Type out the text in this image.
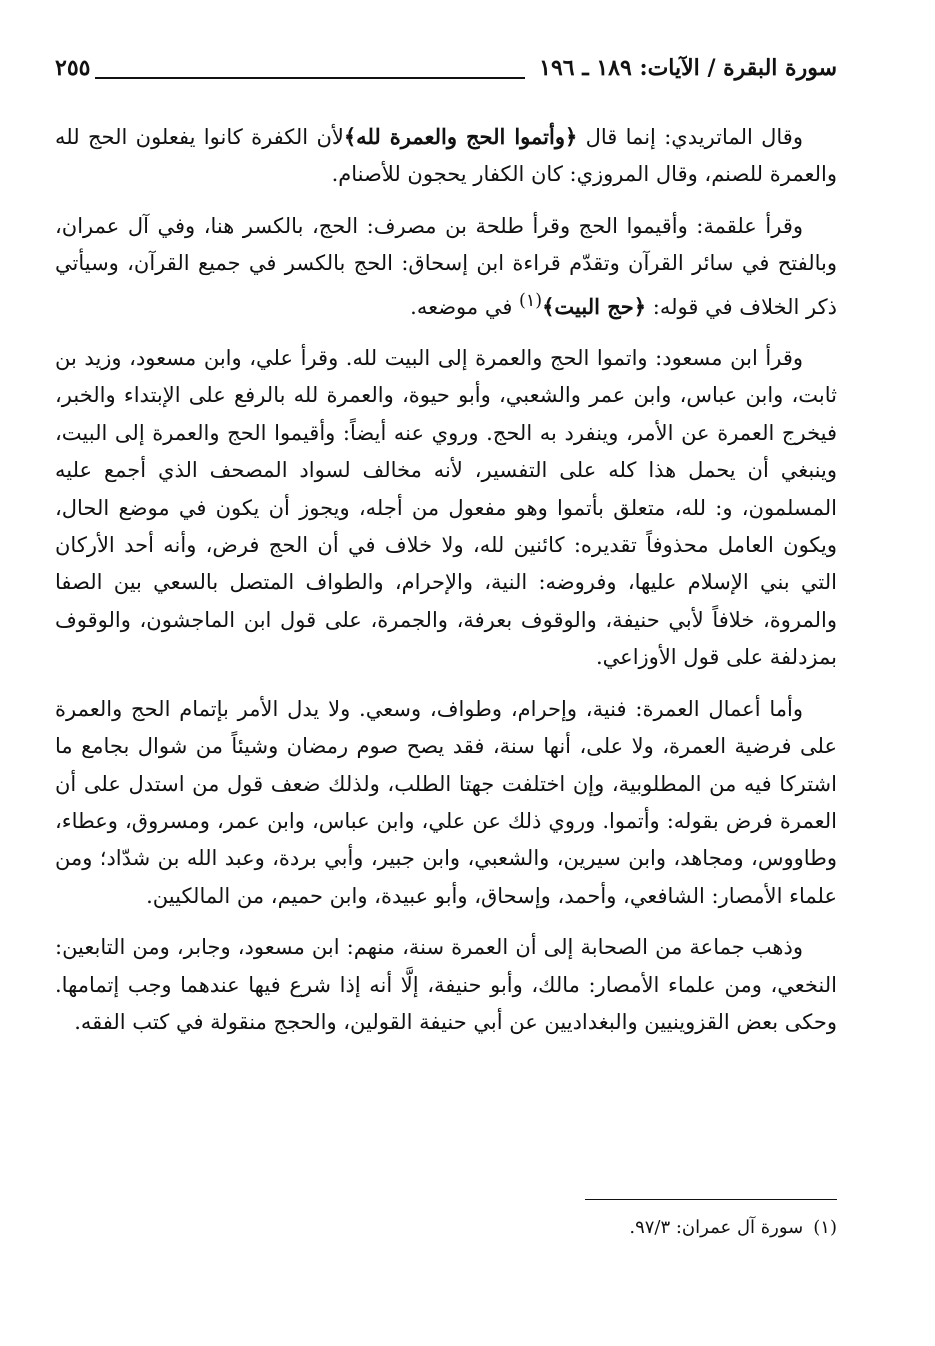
سورة البقرة / الآيات: ١٨٩ ـ ١٩٦
٢٥٥

وقال الماتريدي: إنما قال ﴿وأتموا الحج والعمرة لله﴾لأن الكفرة كانوا يفعلون الحج لله والعمرة للصنم، وقال المروزي: كان الكفار يحجون للأصنام.

وقرأ علقمة: وأقيموا الحج وقرأ طلحة بن مصرف: الحج، بالكسر هنا، وفي آل عمران، وبالفتح في سائر القرآن وتقدّم قراءة ابن إسحاق: الحج بالكسر في جميع القرآن، وسيأتي ذكر الخلاف في قوله: ﴿حج البيت﴾$^{(١)}$ في موضعه.

وقرأ ابن مسعود: واتموا الحج والعمرة إلى البيت لله. وقرأ علي، وابن مسعود، وزيد بن ثابت، وابن عباس، وابن عمر والشعبي، وأبو حيوة، والعمرة لله بالرفع على الإبتداء والخبر، فيخرج العمرة عن الأمر، وينفرد به الحج. وروي عنه أيضاً: وأقيموا الحج والعمرة إلى البيت، وينبغي أن يحمل هذا كله على التفسير، لأنه مخالف لسواد المصحف الذي أجمع عليه المسلمون، و: لله، متعلق بأتموا وهو مفعول من أجله، ويجوز أن يكون في موضع الحال، ويكون العامل محذوفاً تقديره: كائنين لله، ولا خلاف في أن الحج فرض، وأنه أحد الأركان التي بني الإسلام عليها، وفروضه: النية، والإحرام، والطواف المتصل بالسعي بين الصفا والمروة، خلافاً لأبي حنيفة، والوقوف بعرفة، والجمرة، على قول ابن الماجشون، والوقوف بمزدلفة على قول الأوزاعي.

وأما أعمال العمرة: فنية، وإحرام، وطواف، وسعي. ولا يدل الأمر بإتمام الحج والعمرة على فرضية العمرة، ولا على، أنها سنة، فقد يصح صوم رمضان وشيئاً من شوال بجامع ما اشتركا فيه من المطلوبية، وإن اختلفت جهتا الطلب، ولذلك ضعف قول من استدل على أن العمرة فرض بقوله: وأتموا. وروي ذلك عن علي، وابن عباس، وابن عمر، ومسروق، وعطاء، وطاووس، ومجاهد، وابن سيرين، والشعبي، وابن جبير، وأبي بردة، وعبد الله بن شدّاد؛ ومن علماء الأمصار: الشافعي، وأحمد، وإسحاق، وأبو عبيدة، وابن حميم، من المالكيين.

وذهب جماعة من الصحابة إلى أن العمرة سنة، منهم: ابن مسعود، وجابر، ومن التابعين: النخعي، ومن علماء الأمصار: مالك، وأبو حنيفة، إلَّا أنه إذا شرع فيها عندهما وجب إتمامها. وحكى بعض القزوينيين والبغداديين عن أبي حنيفة القولين، والحجج منقولة في كتب الفقه.

(١)سورة آل عمران: ٩٧/٣.
